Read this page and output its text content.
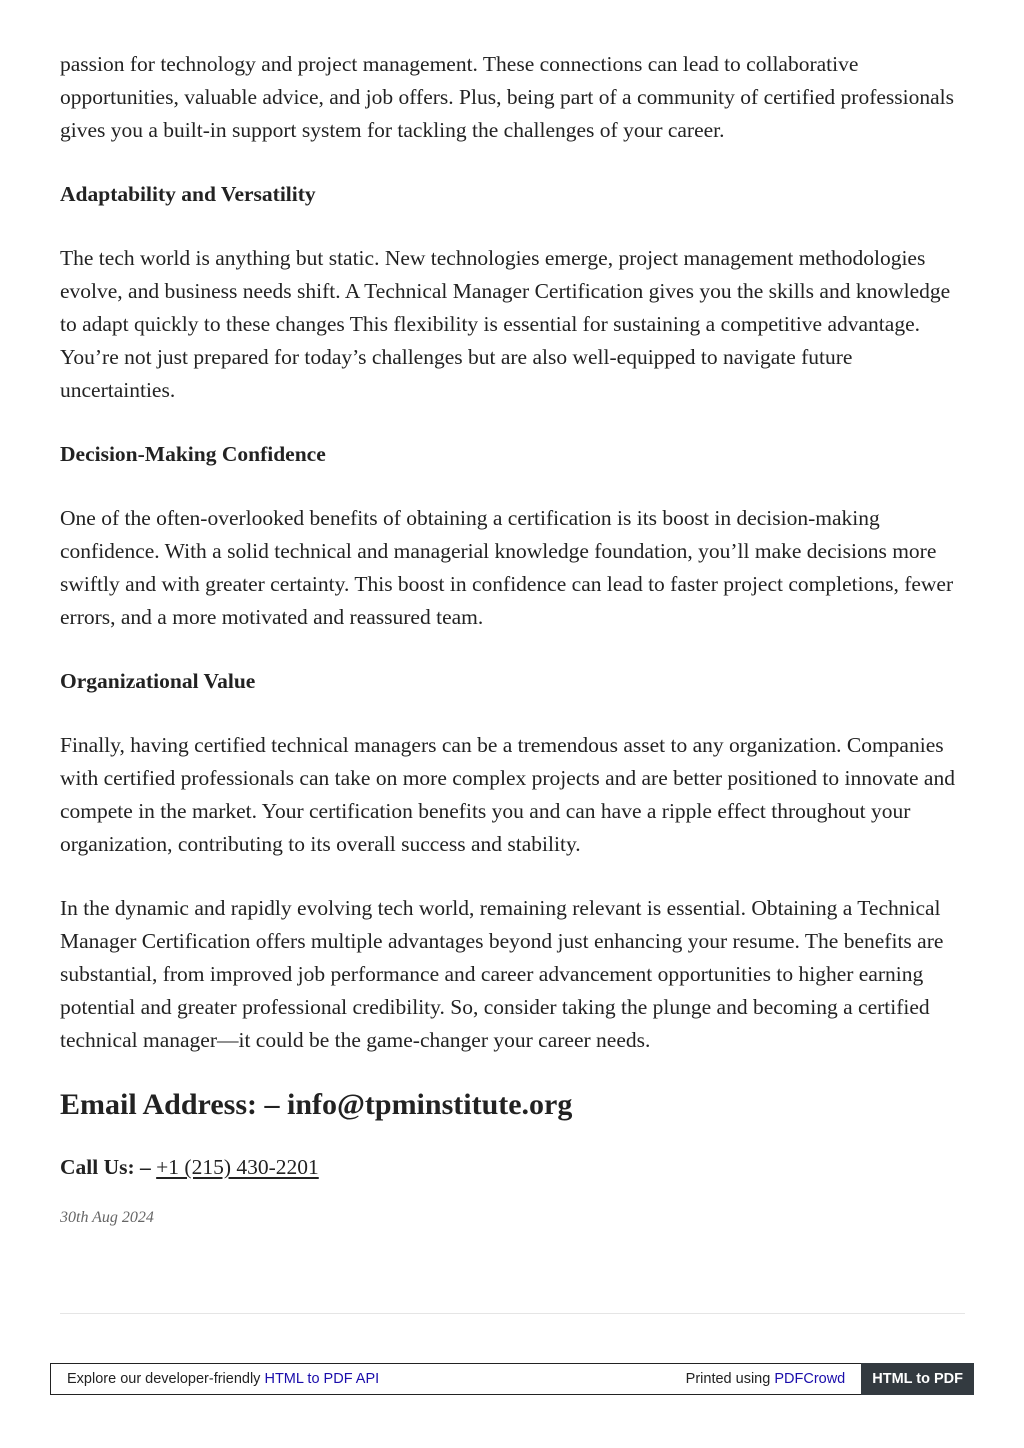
passion for technology and project management. These connections can lead to collaborative opportunities, valuable advice, and job offers. Plus, being part of a community of certified professionals gives you a built-in support system for tackling the challenges of your career.

Adaptability and Versatility

The tech world is anything but static. New technologies emerge, project management methodologies evolve, and business needs shift. A Technical Manager Certification gives you the skills and knowledge to adapt quickly to these changes This flexibility is essential for sustaining a competitive advantage. You’re not just prepared for today’s challenges but are also well-equipped to navigate future uncertainties.

Decision-Making Confidence

One of the often-overlooked benefits of obtaining a certification is its boost in decision-making confidence. With a solid technical and managerial knowledge foundation, you’ll make decisions more swiftly and with greater certainty. This boost in confidence can lead to faster project completions, fewer errors, and a more motivated and reassured team.

Organizational Value

Finally, having certified technical managers can be a tremendous asset to any organization. Companies with certified professionals can take on more complex projects and are better positioned to innovate and compete in the market. Your certification benefits you and can have a ripple effect throughout your organization, contributing to its overall success and stability.

In the dynamic and rapidly evolving tech world, remaining relevant is essential. Obtaining a Technical Manager Certification offers multiple advantages beyond just enhancing your resume. The benefits are substantial, from improved job performance and career advancement opportunities to higher earning potential and greater professional credibility. So, consider taking the plunge and becoming a certified technical manager—it could be the game-changer your career needs.

Email Address: – info@tpminstitute.org

Call Us: – +1 (215) 430-2201

30th Aug 2024

Explore our developer-friendly HTML to PDF API	Printed using PDFCrowd	HTML to PDF
